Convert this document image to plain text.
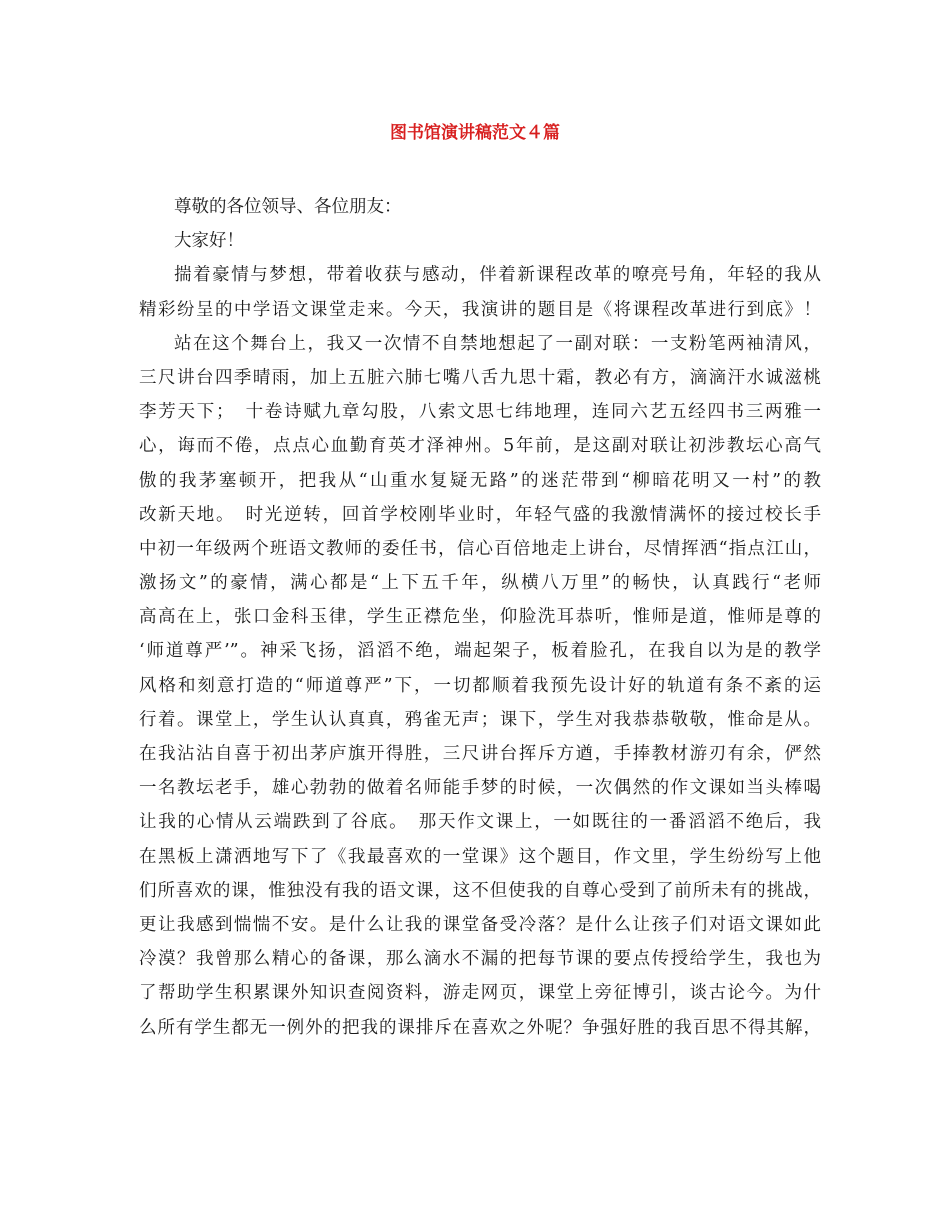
图书馆演讲稿范文４篇
尊敬的各位领导、各位朋友：
大家好！
揣着豪情与梦想，带着收获与感动，伴着新课程改革的嘹亮号角，年轻的我从
精彩纷呈的中学语文课堂走来。今天，我演讲的题目是《将课程改革进行到底》！
站在这个舞台上，我又一次情不自禁地想起了一副对联：一支粉笔两袖清风，
三尺讲台四季晴雨，加上五脏六肺七嘴八舌九思十霜，教必有方，滴滴汗水诚滋桃
李芳天下；　十卷诗赋九章勾股，八索文思七纬地理，连同六艺五经四书三两雅一
心，诲而不倦，点点心血勤育英才泽神州。5年前，是这副对联让初涉教坛心高气
傲的我茅塞顿开，把我从“山重水复疑无路”的迷茫带到“柳暗花明又一村”的教
改新天地。　时光逆转，回首学校刚毕业时，年轻气盛的我激情满怀的接过校长手
中初一年级两个班语文教师的委任书，信心百倍地走上讲台，尽情挥洒“指点江山，
激扬文”的豪情，满心都是“上下五千年，纵横八万里”的畅快，认真践行“老师
高高在上，张口金科玉律，学生正襟危坐，仰脸洗耳恭听，惟师是道，惟师是尊的
‘师道尊严’”。神采飞扬，滔滔不绝，端起架子，板着脸孔，在我自以为是的教学
风格和刻意打造的“师道尊严”下，一切都顺着我预先设计好的轨道有条不紊的运
行着。课堂上，学生认认真真，鸦雀无声；课下，学生对我恭恭敬敬，惟命是从。
在我沾沾自喜于初出茅庐旗开得胜，三尺讲台挥斥方遒，手捧教材游刃有余，俨然
一名教坛老手，雄心勃勃的做着名师能手梦的时候，一次偶然的作文课如当头棒喝
让我的心情从云端跌到了谷底。　那天作文课上，一如既往的一番滔滔不绝后，我
在黑板上潇洒地写下了《我最喜欢的一堂课》这个题目，作文里，学生纷纷写上他
们所喜欢的课，惟独没有我的语文课，这不但使我的自尊心受到了前所未有的挑战，
更让我感到惴惴不安。是什么让我的课堂备受冷落？是什么让孩子们对语文课如此
冷漠？我曾那么精心的备课，那么滴水不漏的把每节课的要点传授给学生，我也为
了帮助学生积累课外知识查阅资料，游走网页，课堂上旁征博引，谈古论今。为什
么所有学生都无一例外的把我的课排斥在喜欢之外呢？争强好胜的我百思不得其解，
